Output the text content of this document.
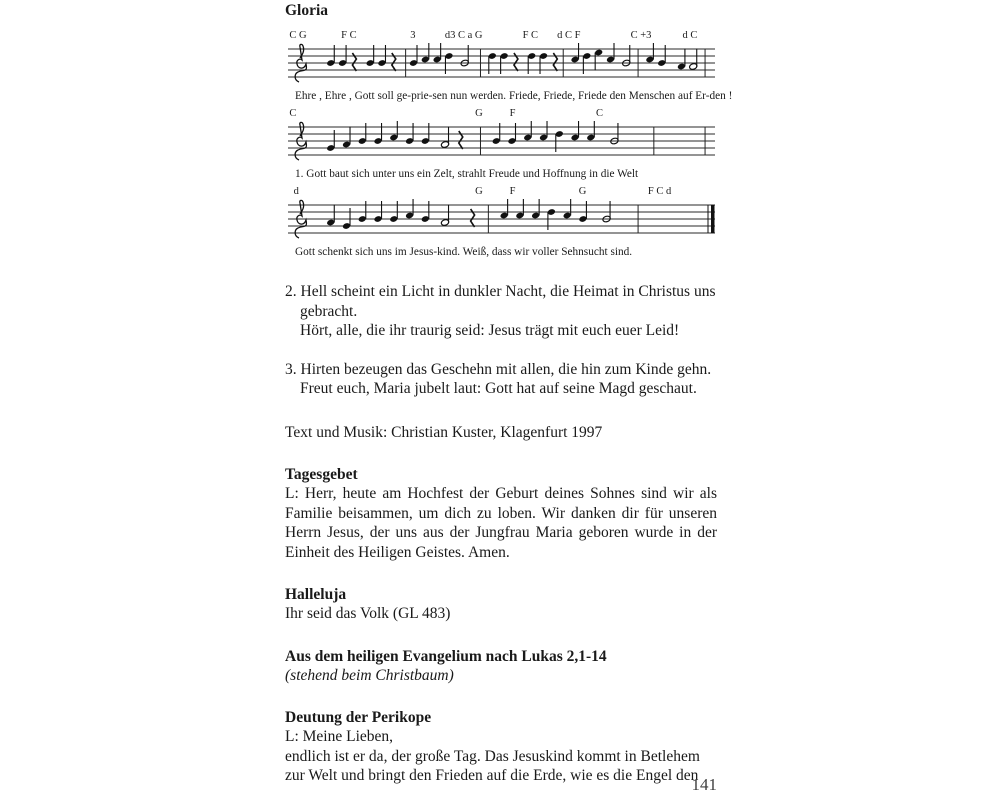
Gloria
C G	F C	3	d3 C a G	F C d C F	C +3	d C
Ehre , Ehre , Gott soll ge-prie-sen nun werden. Friede, Friede, Friede den Menschen auf Er-den !
C	G	F	C
1. Gott baut sich unter uns ein Zelt, strahlt Freude und Hoffnung in die Welt
d	G	F	G	F C d
Gott schenkt sich uns im Jesus-kind. Weiß, dass wir voller Sehnsucht sind.
2. Hell scheint ein Licht in dunkler Nacht, die Heimat in Christus uns
gebracht.
Hört, alle, die ihr traurig seid: Jesus trägt mit euch euer Leid!
3. Hirten bezeugen das Geschehn mit allen, die hin zum Kinde gehn.
Freut euch, Maria jubelt laut: Gott hat auf seine Magd geschaut.

Text und Musik: Christian Kuster, Klagenfurt 1997

Tagesgebet

L: Herr, heute am Hochfest der Geburt deines Sohnes sind wir als Familie beisammen, um dich zu loben. Wir danken dir für unseren Herrn Jesus, der uns aus der Jungfrau Maria geboren wurde in der Einheit des Heiligen Geistes. Amen.

Halleluja

Ihr seid das Volk (GL 483)

Aus dem heiligen Evangelium nach Lukas 2,1-14

(stehend beim Christbaum)

Deutung der Perikope
L: Meine Lieben,
endlich ist er da, der große Tag. Das Jesuskind kommt in Betlehem
zur Welt und bringt den Frieden auf die Erde, wie es die Engel den
141
